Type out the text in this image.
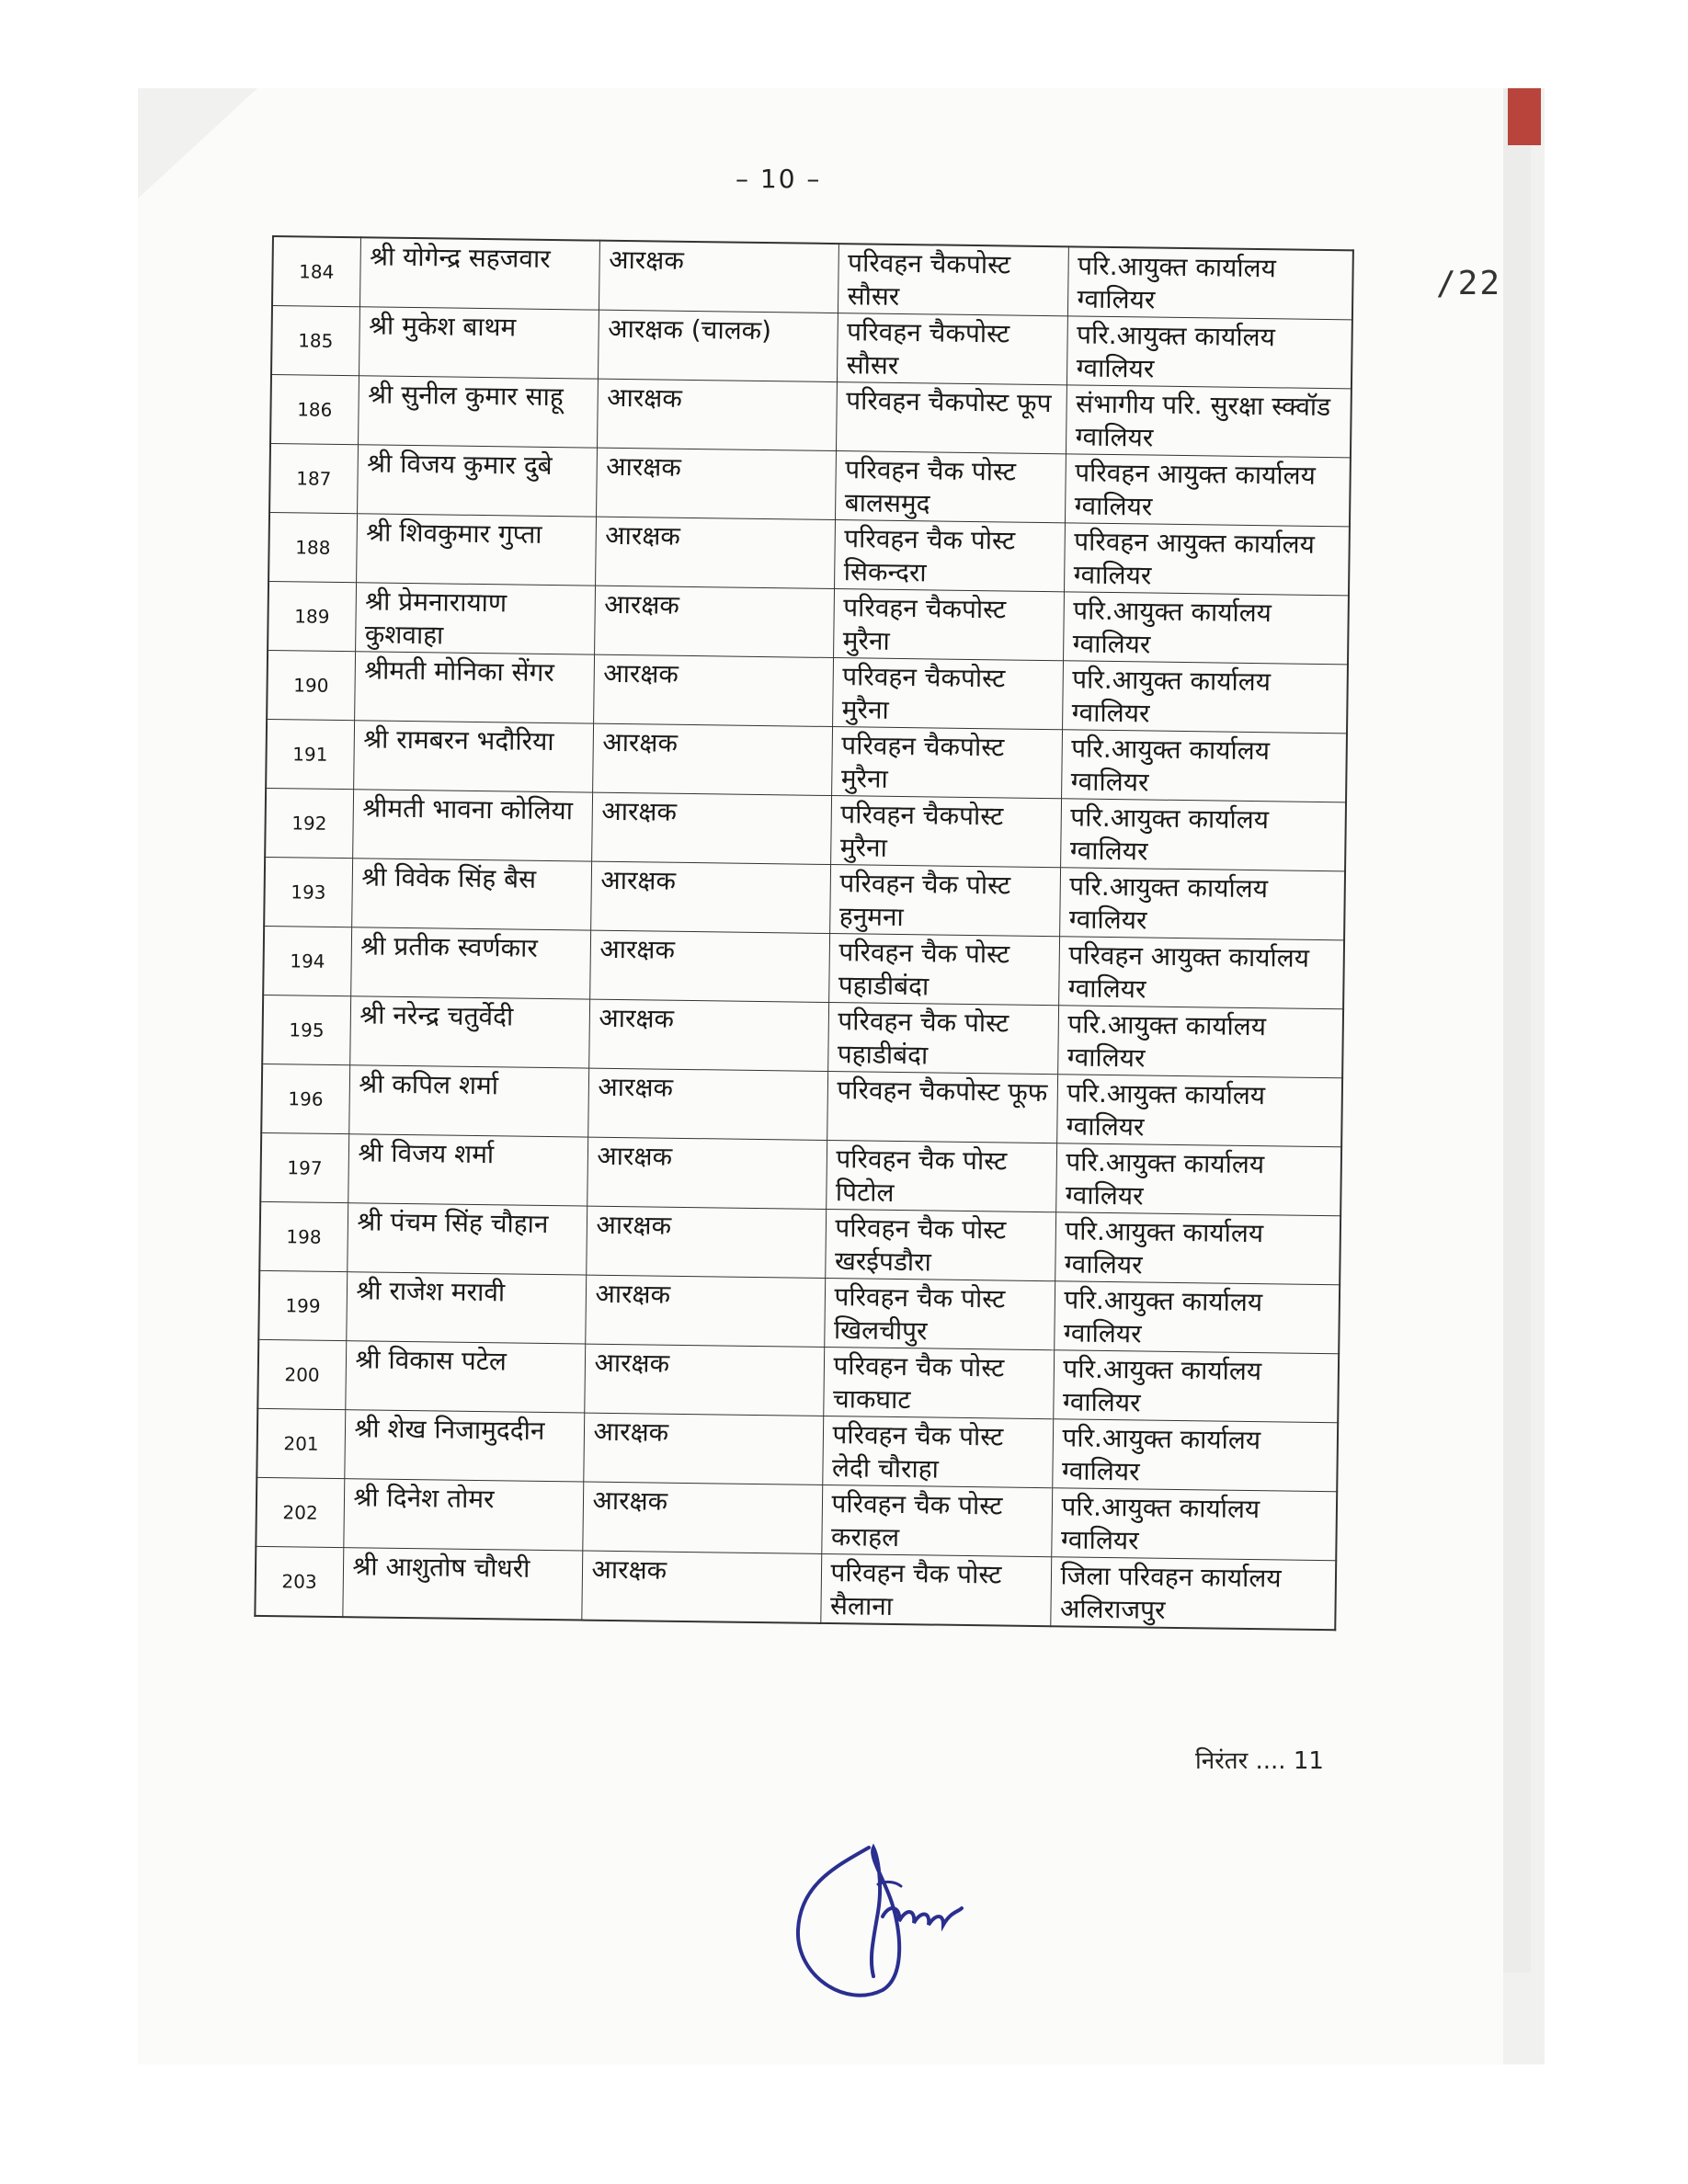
– 10 –
/22
184	श्री योगेन्द्र सहजवार	आरक्षक	परिवहन चैकपोस्ट सौसर	परि.आयुक्त कार्यालय ग्वालियर
185	श्री मुकेश बाथम	आरक्षक (चालक)	परिवहन चैकपोस्ट सौसर	परि.आयुक्त कार्यालय ग्वालियर
186	श्री सुनील कुमार साहू	आरक्षक	परिवहन चैकपोस्ट फूप	संभागीय परि. सुरक्षा स्क्वॉड ग्वालियर
187	श्री विजय कुमार दुबे	आरक्षक	परिवहन चैक पोस्ट बालसमुद	परिवहन आयुक्त कार्यालय ग्वालियर
188	श्री शिवकुमार गुप्ता	आरक्षक	परिवहन चैक पोस्ट सिकन्दरा	परिवहन आयुक्त कार्यालय ग्वालियर
189	श्री प्रेमनारायाण कुशवाहा	आरक्षक	परिवहन चैकपोस्ट मुरैना	परि.आयुक्त कार्यालय ग्वालियर
190	श्रीमती मोनिका सेंगर	आरक्षक	परिवहन चैकपोस्ट मुरैना	परि.आयुक्त कार्यालय ग्वालियर
191	श्री रामबरन भदौरिया	आरक्षक	परिवहन चैकपोस्ट मुरैना	परि.आयुक्त कार्यालय ग्वालियर
192	श्रीमती भावना कोलिया	आरक्षक	परिवहन चैकपोस्ट मुरैना	परि.आयुक्त कार्यालय ग्वालियर
193	श्री विवेक सिंह बैस	आरक्षक	परिवहन चैक पोस्ट हनुमना	परि.आयुक्त कार्यालय ग्वालियर
194	श्री प्रतीक स्वर्णकार	आरक्षक	परिवहन चैक पोस्ट पहाडीबंदा	परिवहन आयुक्त कार्यालय ग्वालियर
195	श्री नरेन्द्र चतुर्वेदी	आरक्षक	परिवहन चैक पोस्ट पहाडीबंदा	परि.आयुक्त कार्यालय ग्वालियर
196	श्री कपिल शर्मा	आरक्षक	परिवहन चैकपोस्ट फूफ	परि.आयुक्त कार्यालय ग्वालियर
197	श्री विजय शर्मा	आरक्षक	परिवहन चैक पोस्ट पिटोल	परि.आयुक्त कार्यालय ग्वालियर
198	श्री पंचम सिंह चौहान	आरक्षक	परिवहन चैक पोस्ट खरईपडौरा	परि.आयुक्त कार्यालय ग्वालियर
199	श्री राजेश मरावी	आरक्षक	परिवहन चैक पोस्ट खिलचीपुर	परि.आयुक्त कार्यालय ग्वालियर
200	श्री विकास पटेल	आरक्षक	परिवहन चैक पोस्ट चाकघाट	परि.आयुक्त कार्यालय ग्वालियर
201	श्री शेख निजामुददीन	आरक्षक	परिवहन चैक पोस्ट लेदी चौराहा	परि.आयुक्त कार्यालय ग्वालियर
202	श्री दिनेश तोमर	आरक्षक	परिवहन चैक पोस्ट कराहल	परि.आयुक्त कार्यालय ग्वालियर
203	श्री आशुतोष चौधरी	आरक्षक	परिवहन चैक पोस्ट सैलाना	जिला परिवहन कार्यालय अलिराजपुर
निरंतर .... 11
